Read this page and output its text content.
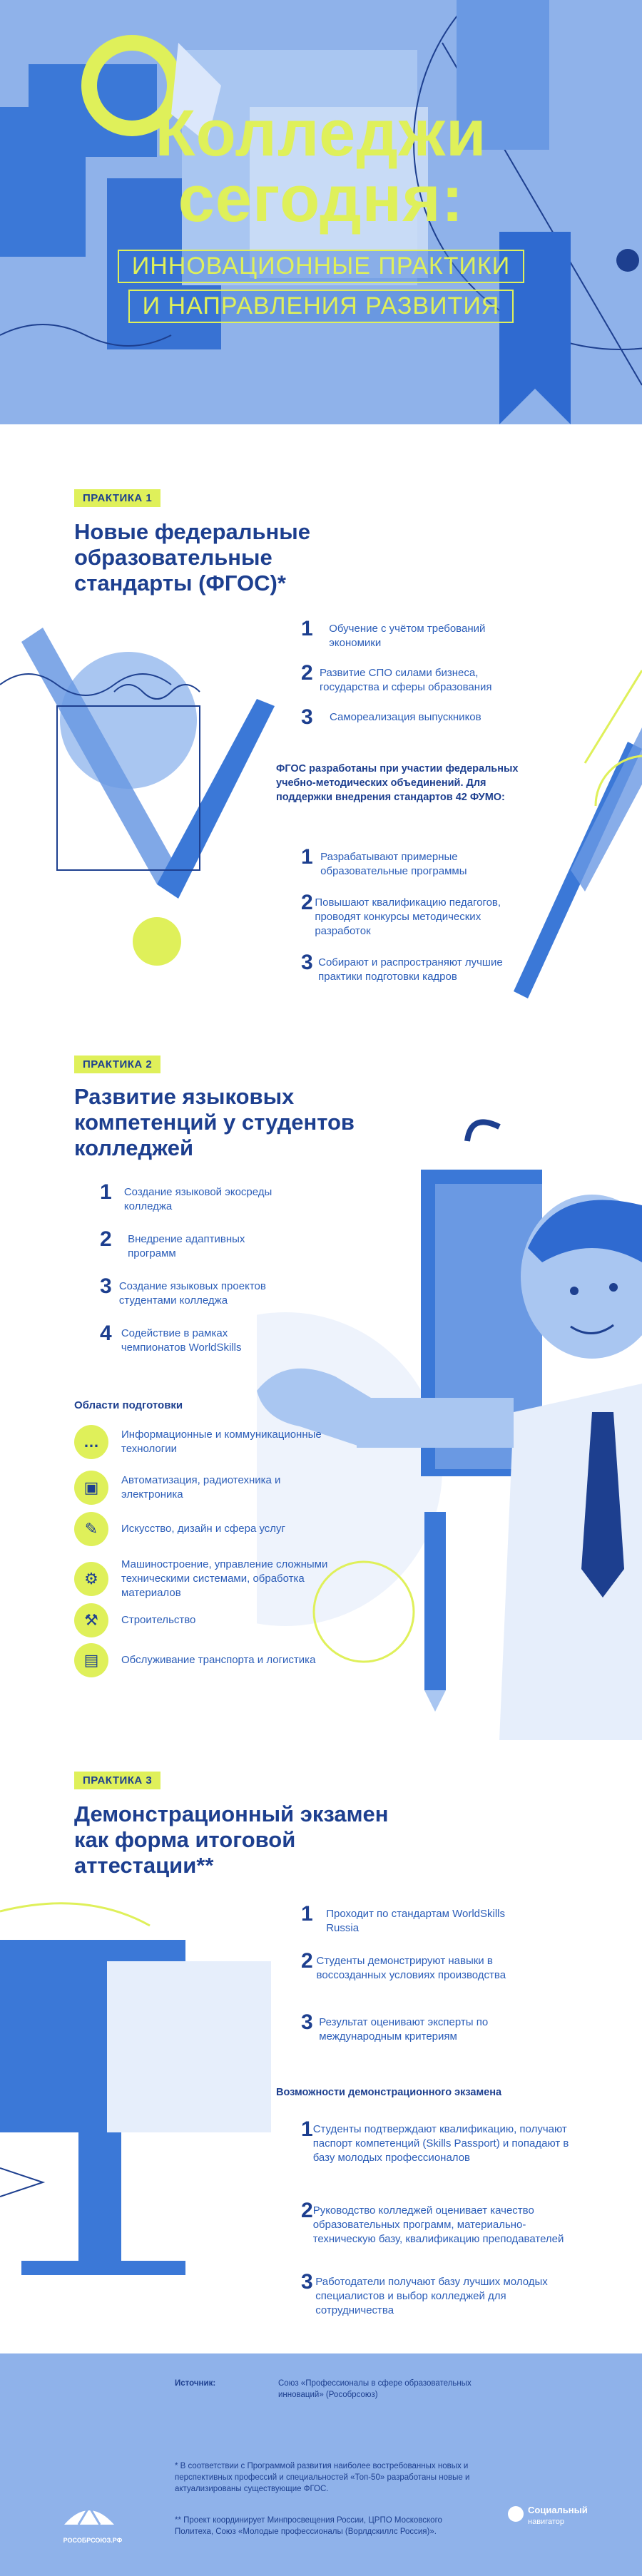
Колледжи
сегодня:
ИННОВАЦИОННЫЕ ПРАКТИКИ
И НАПРАВЛЕНИЯ РАЗВИТИЯ
ПРАКТИКА 1
Новые федеральные образовательные стандарты (ФГОС)*
1	Обучение с учётом требований экономики
2 Развитие СПО силами бизнеса, государства и сферы образования
3	Самореализация выпускников
ФГОС разработаны при участии федеральных учебно-методических объединений. Для поддержки внедрения стандартов 42 ФУМО:
1 Разрабатывают примерные образовательные программы
2 Повышают квалификацию педагогов, проводят конкурсы методических разработок
3 Собирают и распространяют лучшие практики подготовки кадров
ПРАКТИКА 2
Развитие языковых компетенций у студентов колледжей
1	Создание языковой экосреды колледжа
2	Внедрение адаптивных программ
3 Создание языковых проектов студентами колледжа
4 Содействие в рамках чемпионатов WorldSkills
Области подготовки
… Информационные и коммуникационные технологии
▣ Автоматизация, радиотехника и электроника
✎ Искусство, дизайн и сфера услуг
⚙
Машиностроение, управление сложными техническими системами, обработка материалов
⚒ Строительство
▤ Обслуживание транспорта и логистика
ПРАКТИКА 3
Демонстрационный экзамен как форма итоговой аттестации**
1	Проходит по стандартам WorldSkills Russia
2 Студенты демонстрируют навыки в воссозданных условиях производства
3 Результат оценивают эксперты по международным критериям
Возможности демонстрационного экзамена
1 Студенты подтверждают квалификацию, получают паспорт компетенций (Skills Passport) и попадают в базу молодых профессионалов
2 Руководство колледжей оценивает качество образовательных программ, материально-техническую базу, квалификацию преподавателей
3 Работодатели получают базу лучших молодых специалистов и выбор колледжей для сотрудничества
Источник:	Союз «Профессионалы в сфере образовательных инноваций» (Рособрсоюз)
* В соответствии с Программой развития наиболее востребованных новых и перспективных профессий и специальностей «Топ-50» разработаны новые и актуализированы существующие ФГОС.
** Проект координирует Минпросвещения России, ЦРПО Московского Политеха, Союз «Молодые профессионалы (Ворлдскиллс Россия)».
РОСОБРСОЮЗ.РФ
Социальный
навигатор
